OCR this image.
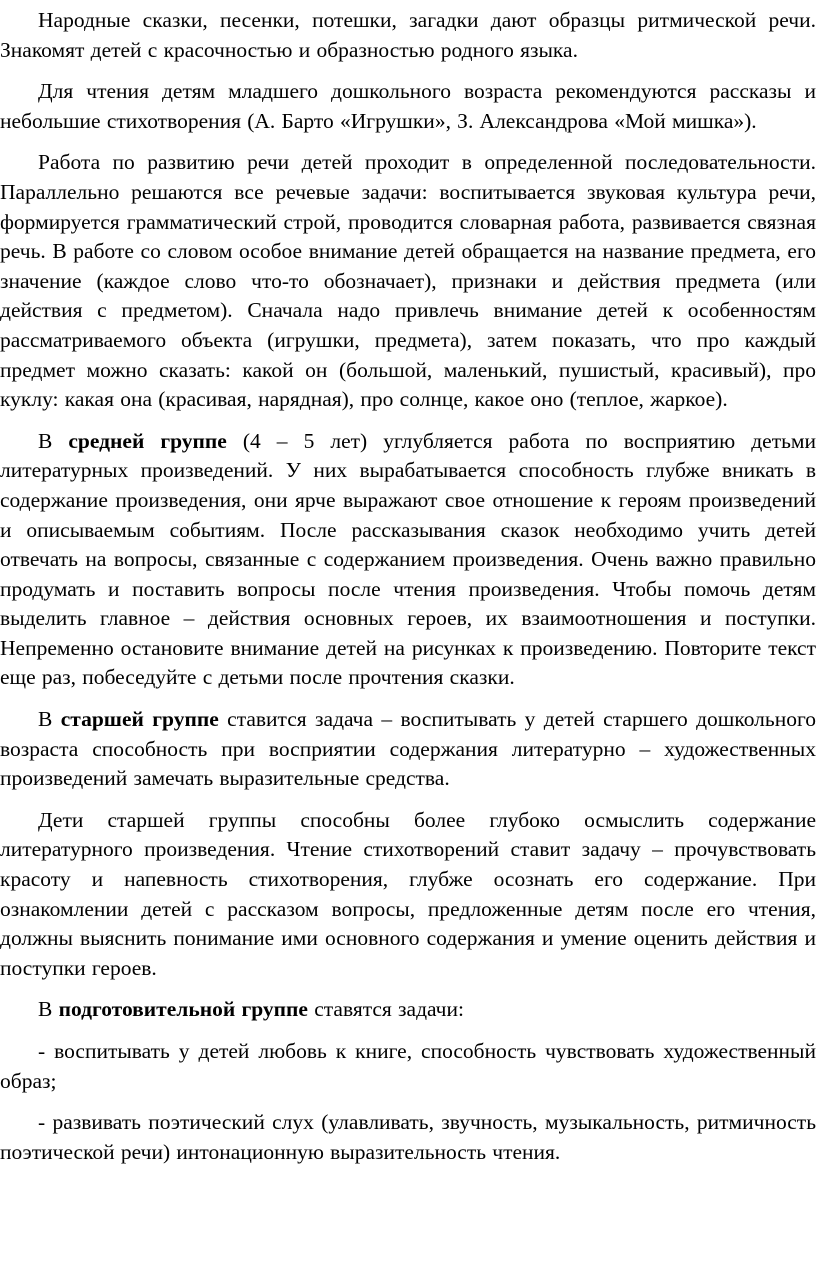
Народные сказки, песенки, потешки, загадки дают образцы ритмической речи. Знакомят детей с красочностью и образностью родного языка.

Для чтения детям младшего дошкольного возраста рекомендуются рассказы и небольшие стихотворения (А. Барто «Игрушки», З. Александрова «Мой мишка»).

Работа по развитию речи детей проходит в определенной последовательности. Параллельно решаются все речевые задачи: воспитывается звуковая культура речи, формируется грамматический строй, проводится словарная работа, развивается связная речь. В работе со словом особое внимание детей обращается на название предмета, его значение (каждое слово что-то обозначает), признаки и действия предмета (или действия с предметом). Сначала надо привлечь внимание детей к особенностям рассматриваемого объекта (игрушки, предмета), затем показать, что про каждый предмет можно сказать: какой он (большой, маленький, пушистый, красивый), про куклу: какая она (красивая, нарядная), про солнце, какое оно (теплое, жаркое).

В средней группе (4 – 5 лет) углубляется работа по восприятию детьми литературных произведений. У них вырабатывается способность глубже вникать в содержание произведения, они ярче выражают свое отношение к героям произведений и описываемым событиям. После рассказывания сказок необходимо учить детей отвечать на вопросы, связанные с содержанием произведения. Очень важно правильно продумать и поставить вопросы после чтения произведения. Чтобы помочь детям выделить главное – действия основных героев, их взаимоотношения и поступки. Непременно остановите внимание детей на рисунках к произведению. Повторите текст еще раз, побеседуйте с детьми после прочтения сказки.

В старшей группе ставится задача – воспитывать у детей старшего дошкольного возраста способность при восприятии содержания литературно – художественных произведений замечать выразительные средства.

Дети старшей группы способны более глубоко осмыслить содержание литературного произведения. Чтение стихотворений ставит задачу – прочувствовать красоту и напевность стихотворения, глубже осознать его содержание. При ознакомлении детей с рассказом вопросы, предложенные детям после его чтения, должны выяснить понимание ими основного содержания и умение оценить действия и поступки героев.

В подготовительной группе ставятся задачи:

- воспитывать у детей любовь к книге, способность чувствовать художественный образ;

- развивать поэтический слух (улавливать, звучность, музыкальность, ритмичность поэтической речи) интонационную выразительность чтения.
